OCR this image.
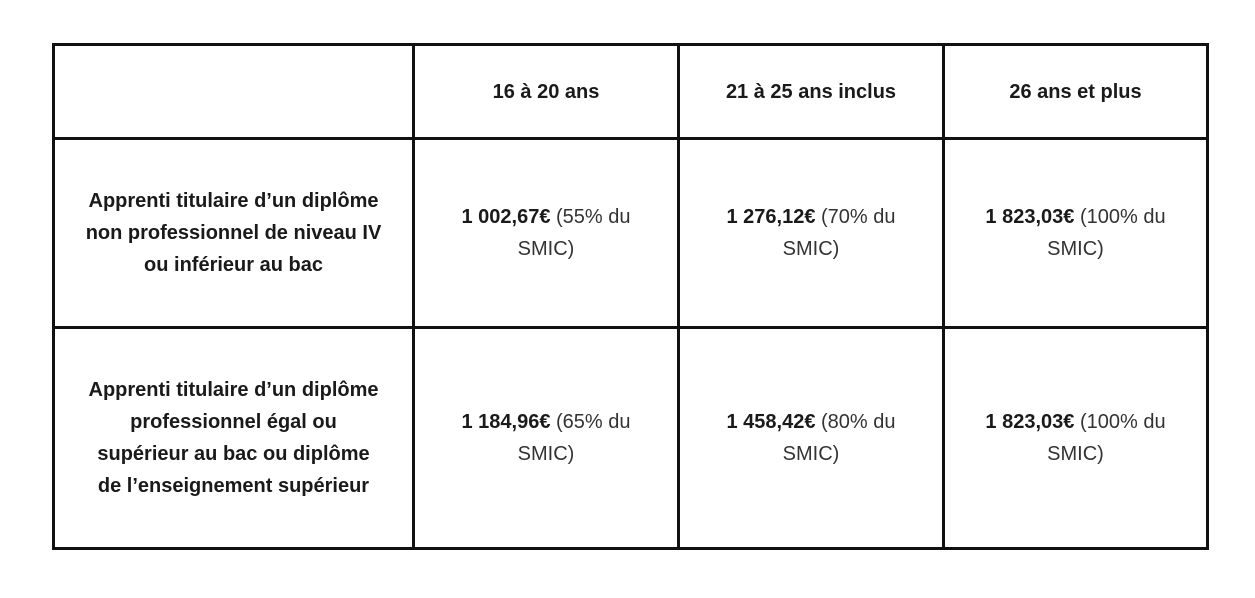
	16 à 20 ans	21 à 25 ans inclus	26 ans et plus
Apprenti titulaire d’un diplôme non professionnel de niveau IV ou inférieur au bac	1 002,67€ (55% du SMIC)	1 276,12€ (70% du SMIC)	1 823,03€ (100% du SMIC)
Apprenti titulaire d’un diplôme professionnel égal ou supérieur au bac ou diplôme de l’enseignement supérieur	1 184,96€ (65% du SMIC)	1 458,42€ (80% du SMIC)	1 823,03€ (100% du SMIC)
